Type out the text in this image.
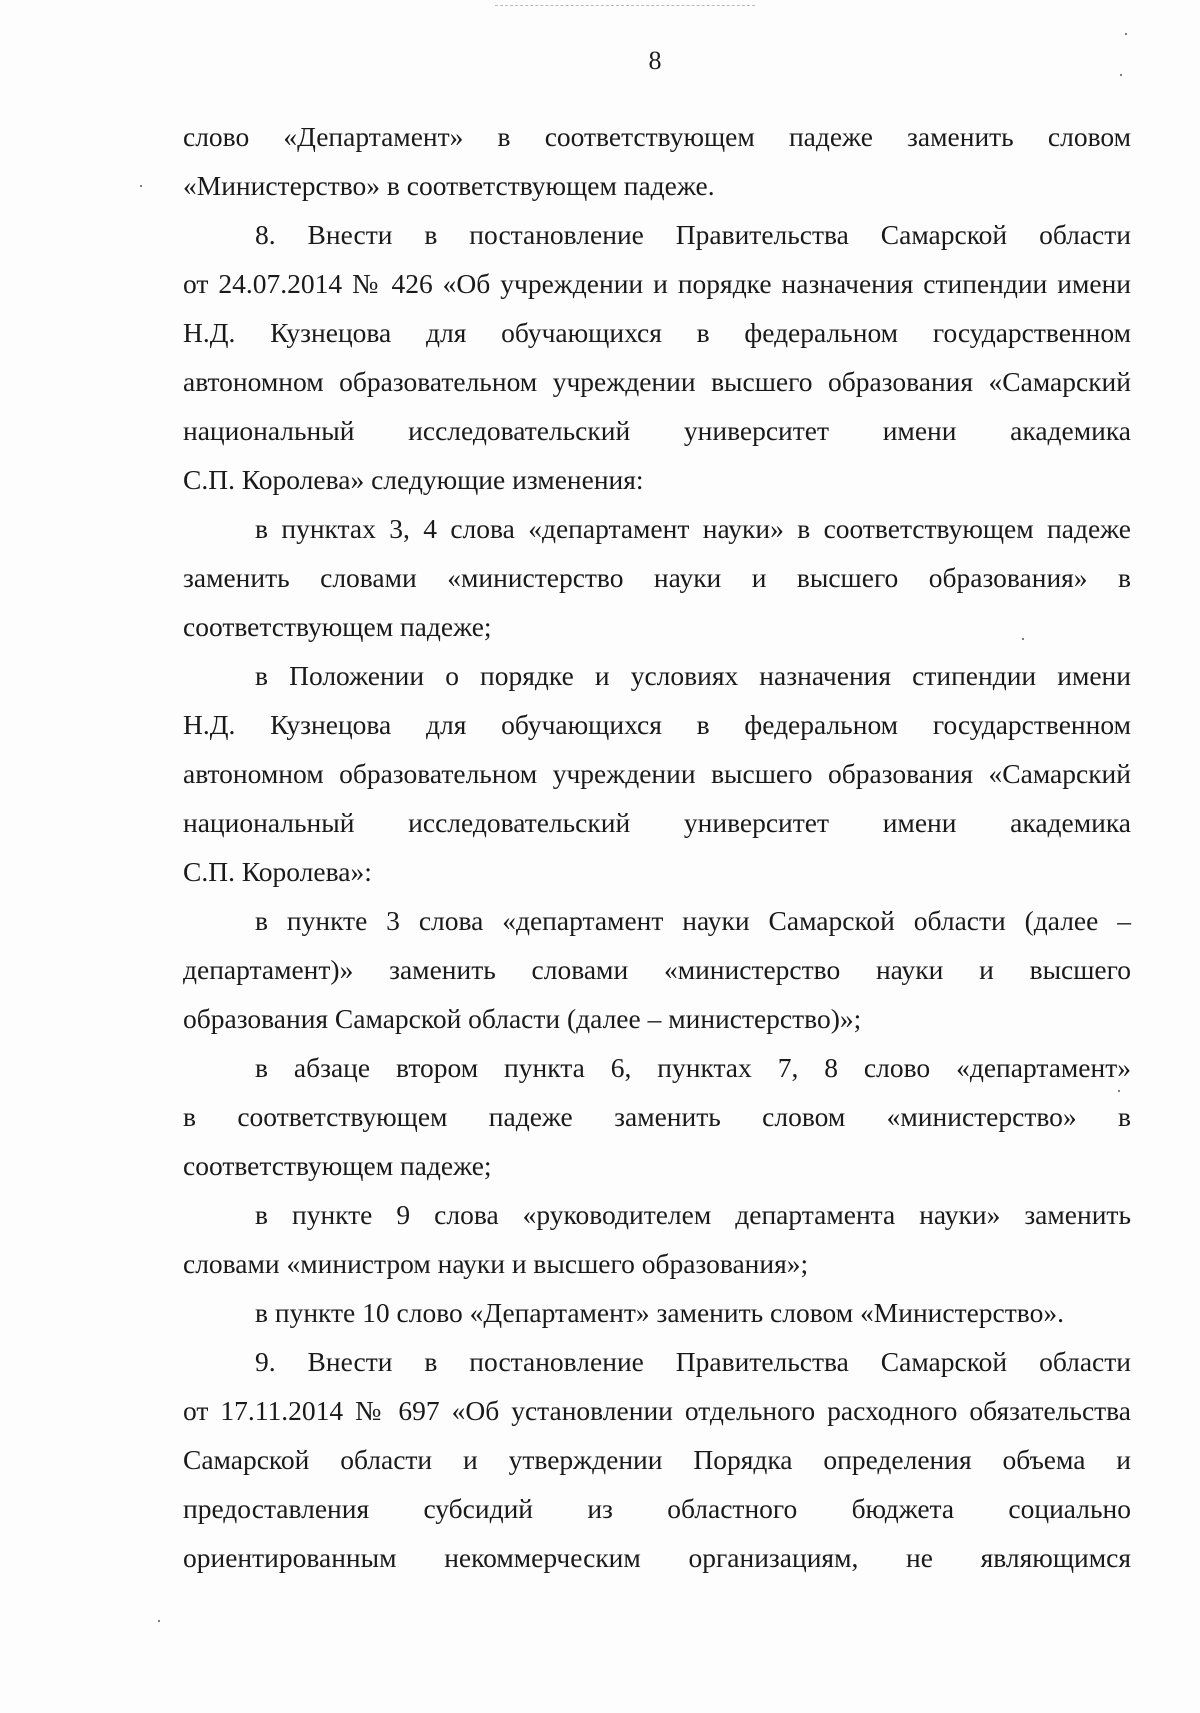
8
слово «Департамент» в соответствующем падеже заменить словом
«Министерство» в соответствующем падеже.
8. Внести в постановление Правительства Самарской области
от 24.07.2014 № 426 «Об учреждении и порядке назначения стипендии имени
Н.Д. Кузнецова для обучающихся в федеральном государственном
автономном образовательном учреждении высшего образования «Самарский
национальный исследовательский университет имени академика
С.П. Королева» следующие изменения:
в пунктах 3, 4 слова «департамент науки» в соответствующем падеже
заменить словами «министерство науки и высшего образования» в
соответствующем падеже;
в Положении о порядке и условиях назначения стипендии имени
Н.Д. Кузнецова для обучающихся в федеральном государственном
автономном образовательном учреждении высшего образования «Самарский
национальный исследовательский университет имени академика
С.П. Королева»:
в пункте 3 слова «департамент науки Самарской области (далее –
департамент)» заменить словами «министерство науки и высшего
образования Самарской области (далее – министерство)»;
в абзаце втором пункта 6, пунктах 7, 8 слово «департамент»
в соответствующем падеже заменить словом «министерство» в
соответствующем падеже;
в пункте 9 слова «руководителем департамента науки» заменить
словами «министром науки и высшего образования»;
в пункте 10 слово «Департамент» заменить словом «Министерство».
9. Внести в постановление Правительства Самарской области
от 17.11.2014 № 697 «Об установлении отдельного расходного обязательства
Самарской области и утверждении Порядка определения объема и
предоставления субсидий из областного бюджета социально
ориентированным некоммерческим организациям, не являющимся
